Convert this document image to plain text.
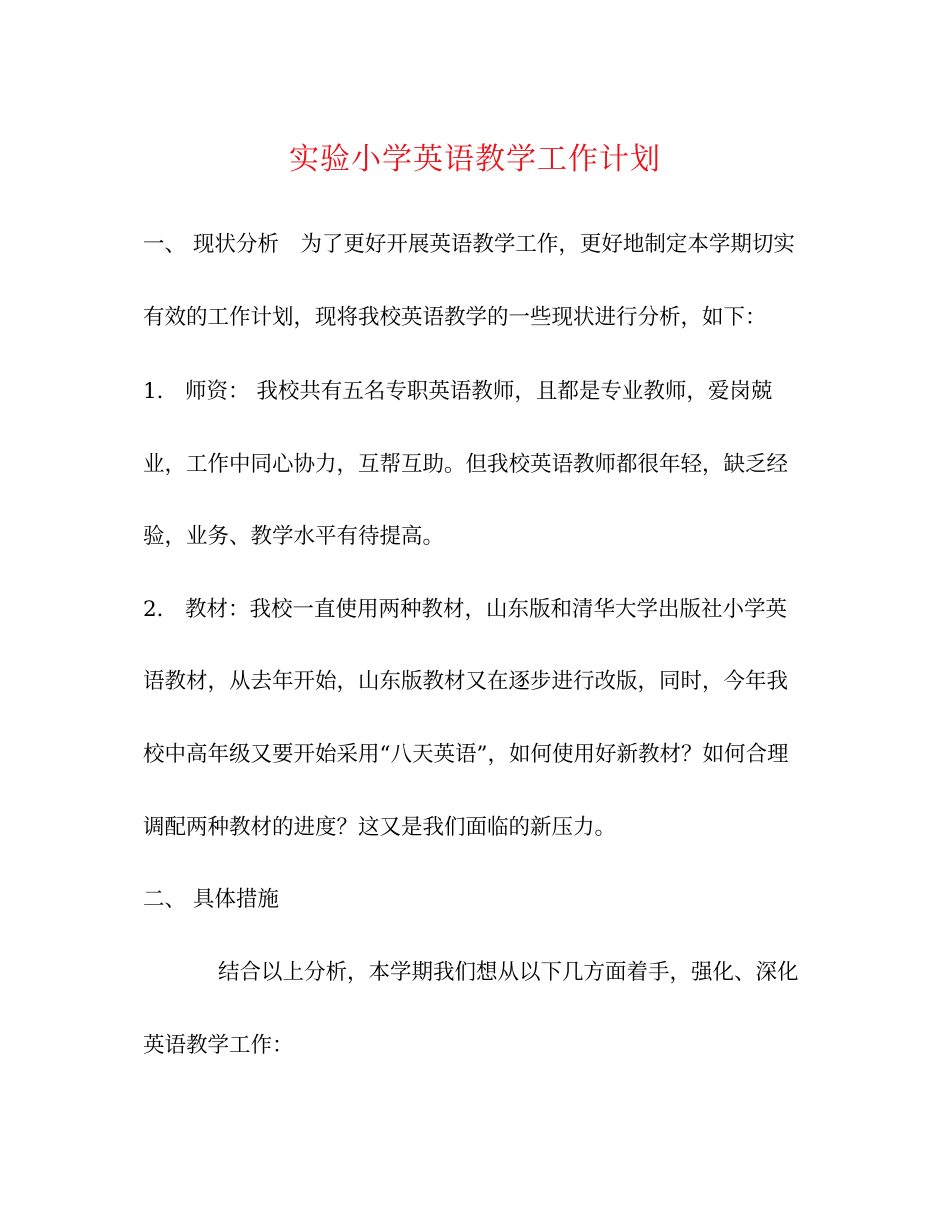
实验小学英语教学工作计划
一、 现状分析　为了更好开展英语教学工作，更好地制定本学期切实
有效的工作计划，现将我校英语教学的一些现状进行分析，如下：
1． 师资： 我校共有五名专职英语教师，且都是专业教师，爱岗兢
业，工作中同心协力，互帮互助。但我校英语教师都很年轻，缺乏经
验，业务、教学水平有待提高。
2． 教材：我校一直使用两种教材，山东版和清华大学出版社小学英
语教材，从去年开始，山东版教材又在逐步进行改版，同时，今年我
校中高年级又要开始采用“八天英语”，如何使用好新教材？如何合理
调配两种教材的进度？这又是我们面临的新压力。
二、 具体措施
结合以上分析，本学期我们想从以下几方面着手，强化、深化
英语教学工作：
